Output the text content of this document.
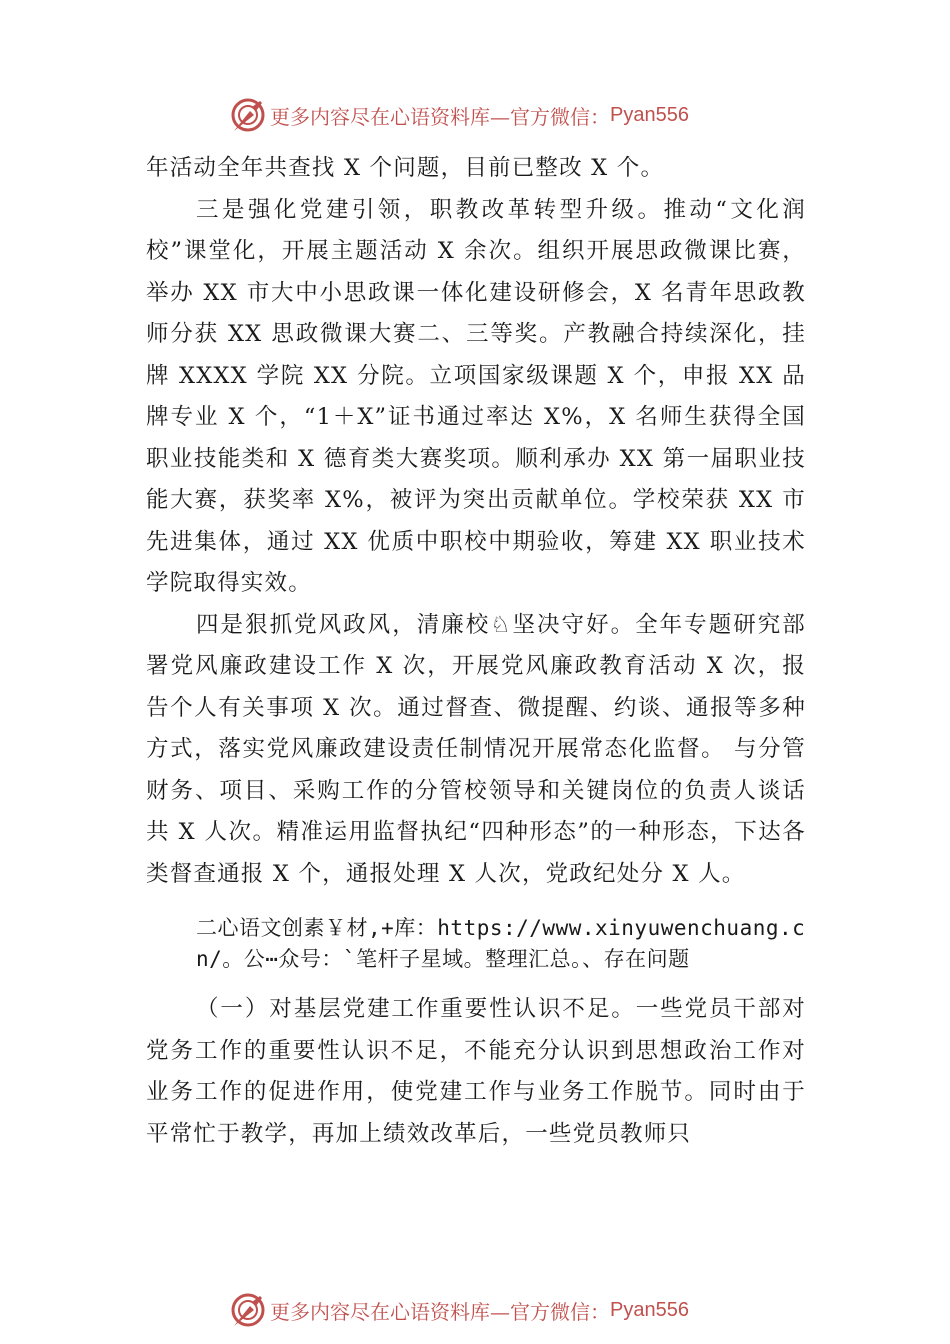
更多内容尽在心语资料库 —官方微信： Pyan556

年活动全年共查找 X 个问题，目前已整改 X 个。

三是强化党建引领，职教改革转型升级。推动“文化润校”课堂化，开展主题活动 X 余次。组织开展思政微课比赛，举办 XX 市大中小思政课一体化建设研修会，X 名青年思政教师分获 XX 思政微课大赛二、三等奖。产教融合持续深化，挂牌 XXXX 学院 XX 分院。立项国家级课题 X 个，申报 XX 品牌专业 X 个，“1＋X”证书通过率达 X%，X 名师生获得全国职业技能类和 X 德育类大赛奖项。顺利承办 XX 第一届职业技能大赛，获奖率 X%，被评为突出贡献单位。学校荣获 XX 市先进集体，通过 XX 优质中职校中期验收，筹建 XX 职业技术学院取得实效。

四是狠抓党风政风，清廉校♘坚决守好。全年专题研究部署党风廉政建设工作 X 次，开展党风廉政教育活动 X 次，报告个人有关事项 X 次。通过督查、微提醒、约谈、通报等多种方式，落实党风廉政建设责任制情况开展常态化监督。 与分管财务、项目、采购工作的分管校领导和关键岗位的负责人谈话共 X 人次。精准运用监督执纪“四种形态”的一种形态，下达各类督查通报 X 个，通报处理 X 人次，党政纪处分 X 人。

二心语文创素￥材,+库：https://www.xinyuwenchuang.cn/。公⋯众号：`笔杆子星域。整理汇总。、存在问题

（一）对基层党建工作重要性认识不足。一些党员干部对党务工作的重要性认识不足，不能充分认识到思想政治工作对业务工作的促进作用，使党建工作与业务工作脱节。同时由于平常忙于教学，再加上绩效改革后，一些党员教师只

更多内容尽在心语资料库 —官方微信： Pyan556
